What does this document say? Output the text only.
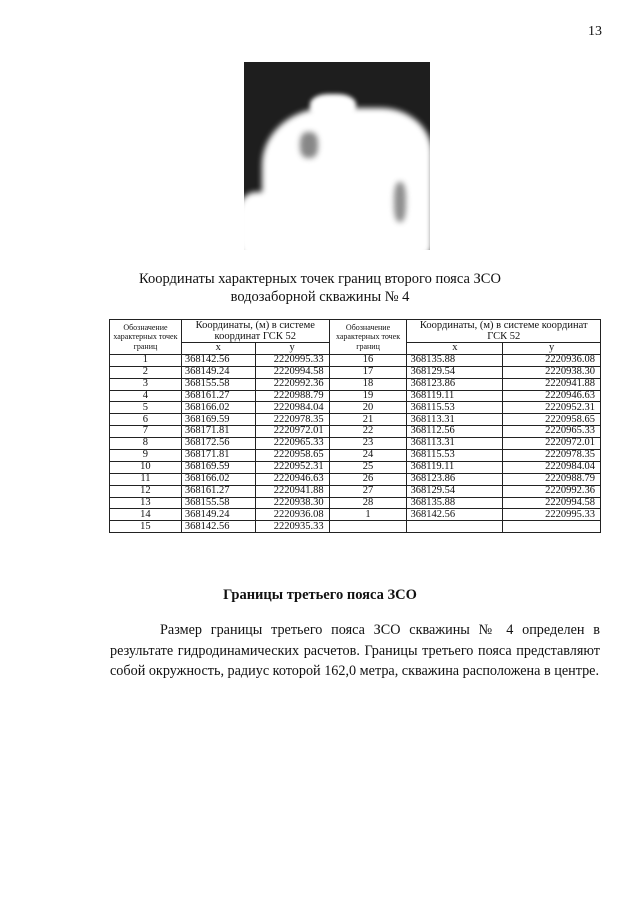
13
Координаты характерных точек границ второго пояса ЗСО
водозаборной скважины № 4
Обозначение характерных точек границ	Координаты, (м) в системе координат ГСК 52		Обозначение характерных точек границ	Координаты, (м) в системе координат ГСК 52	
	x	y		x	y
1	368142.56	2220995.33	16	368135.88	2220936.08
2	368149.24	2220994.58	17	368129.54	2220938.30
3	368155.58	2220992.36	18	368123.86	2220941.88
4	368161.27	2220988.79	19	368119.11	2220946.63
5	368166.02	2220984.04	20	368115.53	2220952.31
6	368169.59	2220978.35	21	368113.31	2220958.65
7	368171.81	2220972.01	22	368112.56	2220965.33
8	368172.56	2220965.33	23	368113.31	2220972.01
9	368171.81	2220958.65	24	368115.53	2220978.35
10	368169.59	2220952.31	25	368119.11	2220984.04
11	368166.02	2220946.63	26	368123.86	2220988.79
12	368161.27	2220941.88	27	368129.54	2220992.36
13	368155.58	2220938.30	28	368135.88	2220994.58
14	368149.24	2220936.08	1	368142.56	2220995.33
15	368142.56	2220935.33			
Границы третьего пояса ЗСО

Размер границы третьего пояса ЗСО скважины № 4 определен в результате гидродинамических расчетов. Границы третьего пояса представляют собой окружность, радиус которой 162,0 метра, скважина расположена в центре.
